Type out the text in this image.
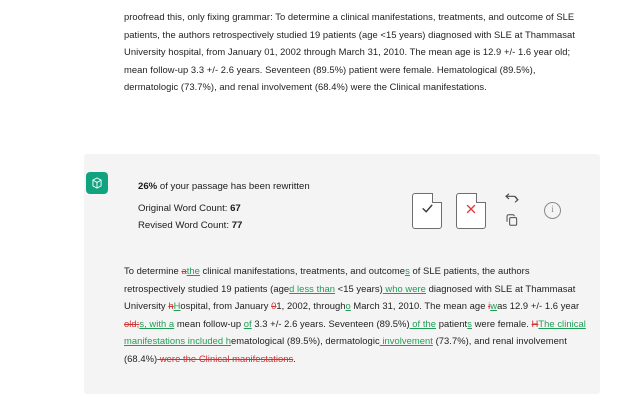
proofread this, only fixing grammar: To determine a clinical manifestations, treatments, and outcome of SLE patients, the authors retrospectively studied 19 patients (age <15 years) diagnosed with SLE at Thammasat University hospital, from January 01, 2002 through March 31, 2010. The mean age is 12.9 +/- 1.6 year old; mean follow-up 3.3 +/- 2.6 years. Seventeen (89.5%) patient were female. Hematological (89.5%), dermatologic (73.7%), and renal involvement (68.4%) were the Clinical manifestations.
26% of your passage has been rewritten
Original Word Count: 67
Revised Word Count: 77
i
To determine athe clinical manifestations, treatments, and outcomes of SLE patients, the authors retrospectively studied 19 patients (aged less than <15 years) who were diagnosed with SLE at Thammasat University hHospital, from January 01, 2002, througho March 31, 2010. The mean age iwas 12.9 +/- 1.6 year old;s, with a mean follow-up of 3.3 +/- 2.6 years. Seventeen (89.5%) of the patients were female. HThe clinical manifestations included hematological (89.5%), dermatologic involvement (73.7%), and renal involvement (68.4%) were the Clinical manifestations.
